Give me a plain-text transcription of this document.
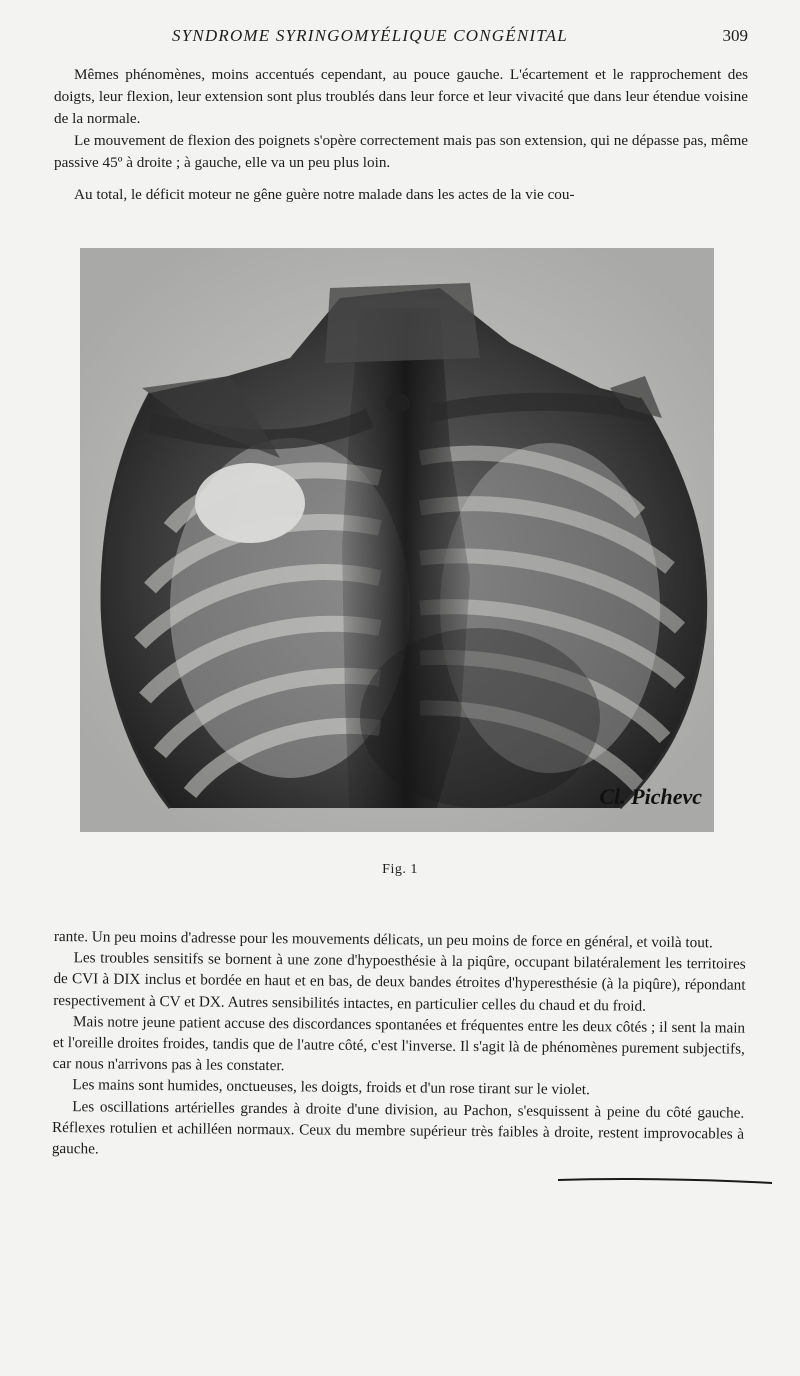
SYNDROME SYRINGOMYÉLIQUE CONGÉNITAL	309

Mêmes phénomènes, moins accentués cependant, au pouce gauche. L'écartement et le rapprochement des doigts, leur flexion, leur extension sont plus troublés dans leur force et leur vivacité que dans leur étendue voisine de la normale.

Le mouvement de flexion des poignets s'opère correctement mais pas son extension, qui ne dépasse pas, même passive 45º à droite ; à gauche, elle va un peu plus loin.

Au total, le déficit moteur ne gêne guère notre malade dans les actes de la vie cou-

Cl. Pichevc
Fig. 1

rante. Un peu moins d'adresse pour les mouvements délicats, un peu moins de force en général, et voilà tout.

Les troubles sensitifs se bornent à une zone d'hypoesthésie à la piqûre, occupant bilatéralement les territoires de CVI à DIX inclus et bordée en haut et en bas, de deux bandes étroites d'hyperesthésie (à la piqûre), répondant respectivement à CV et DX. Autres sensibilités intactes, en particulier celles du chaud et du froid.

Mais notre jeune patient accuse des discordances spontanées et fréquentes entre les deux côtés ; il sent la main et l'oreille droites froides, tandis que de l'autre côté, c'est l'inverse. Il s'agit là de phénomènes purement subjectifs, car nous n'arrivons pas à les constater.

Les mains sont humides, onctueuses, les doigts, froids et d'un rose tirant sur le violet.

Les oscillations artérielles grandes à droite d'une division, au Pachon, s'esquissent à peine du côté gauche. Réflexes rotulien et achilléen normaux. Ceux du membre supérieur très faibles à droite, restent improvocables à gauche.
